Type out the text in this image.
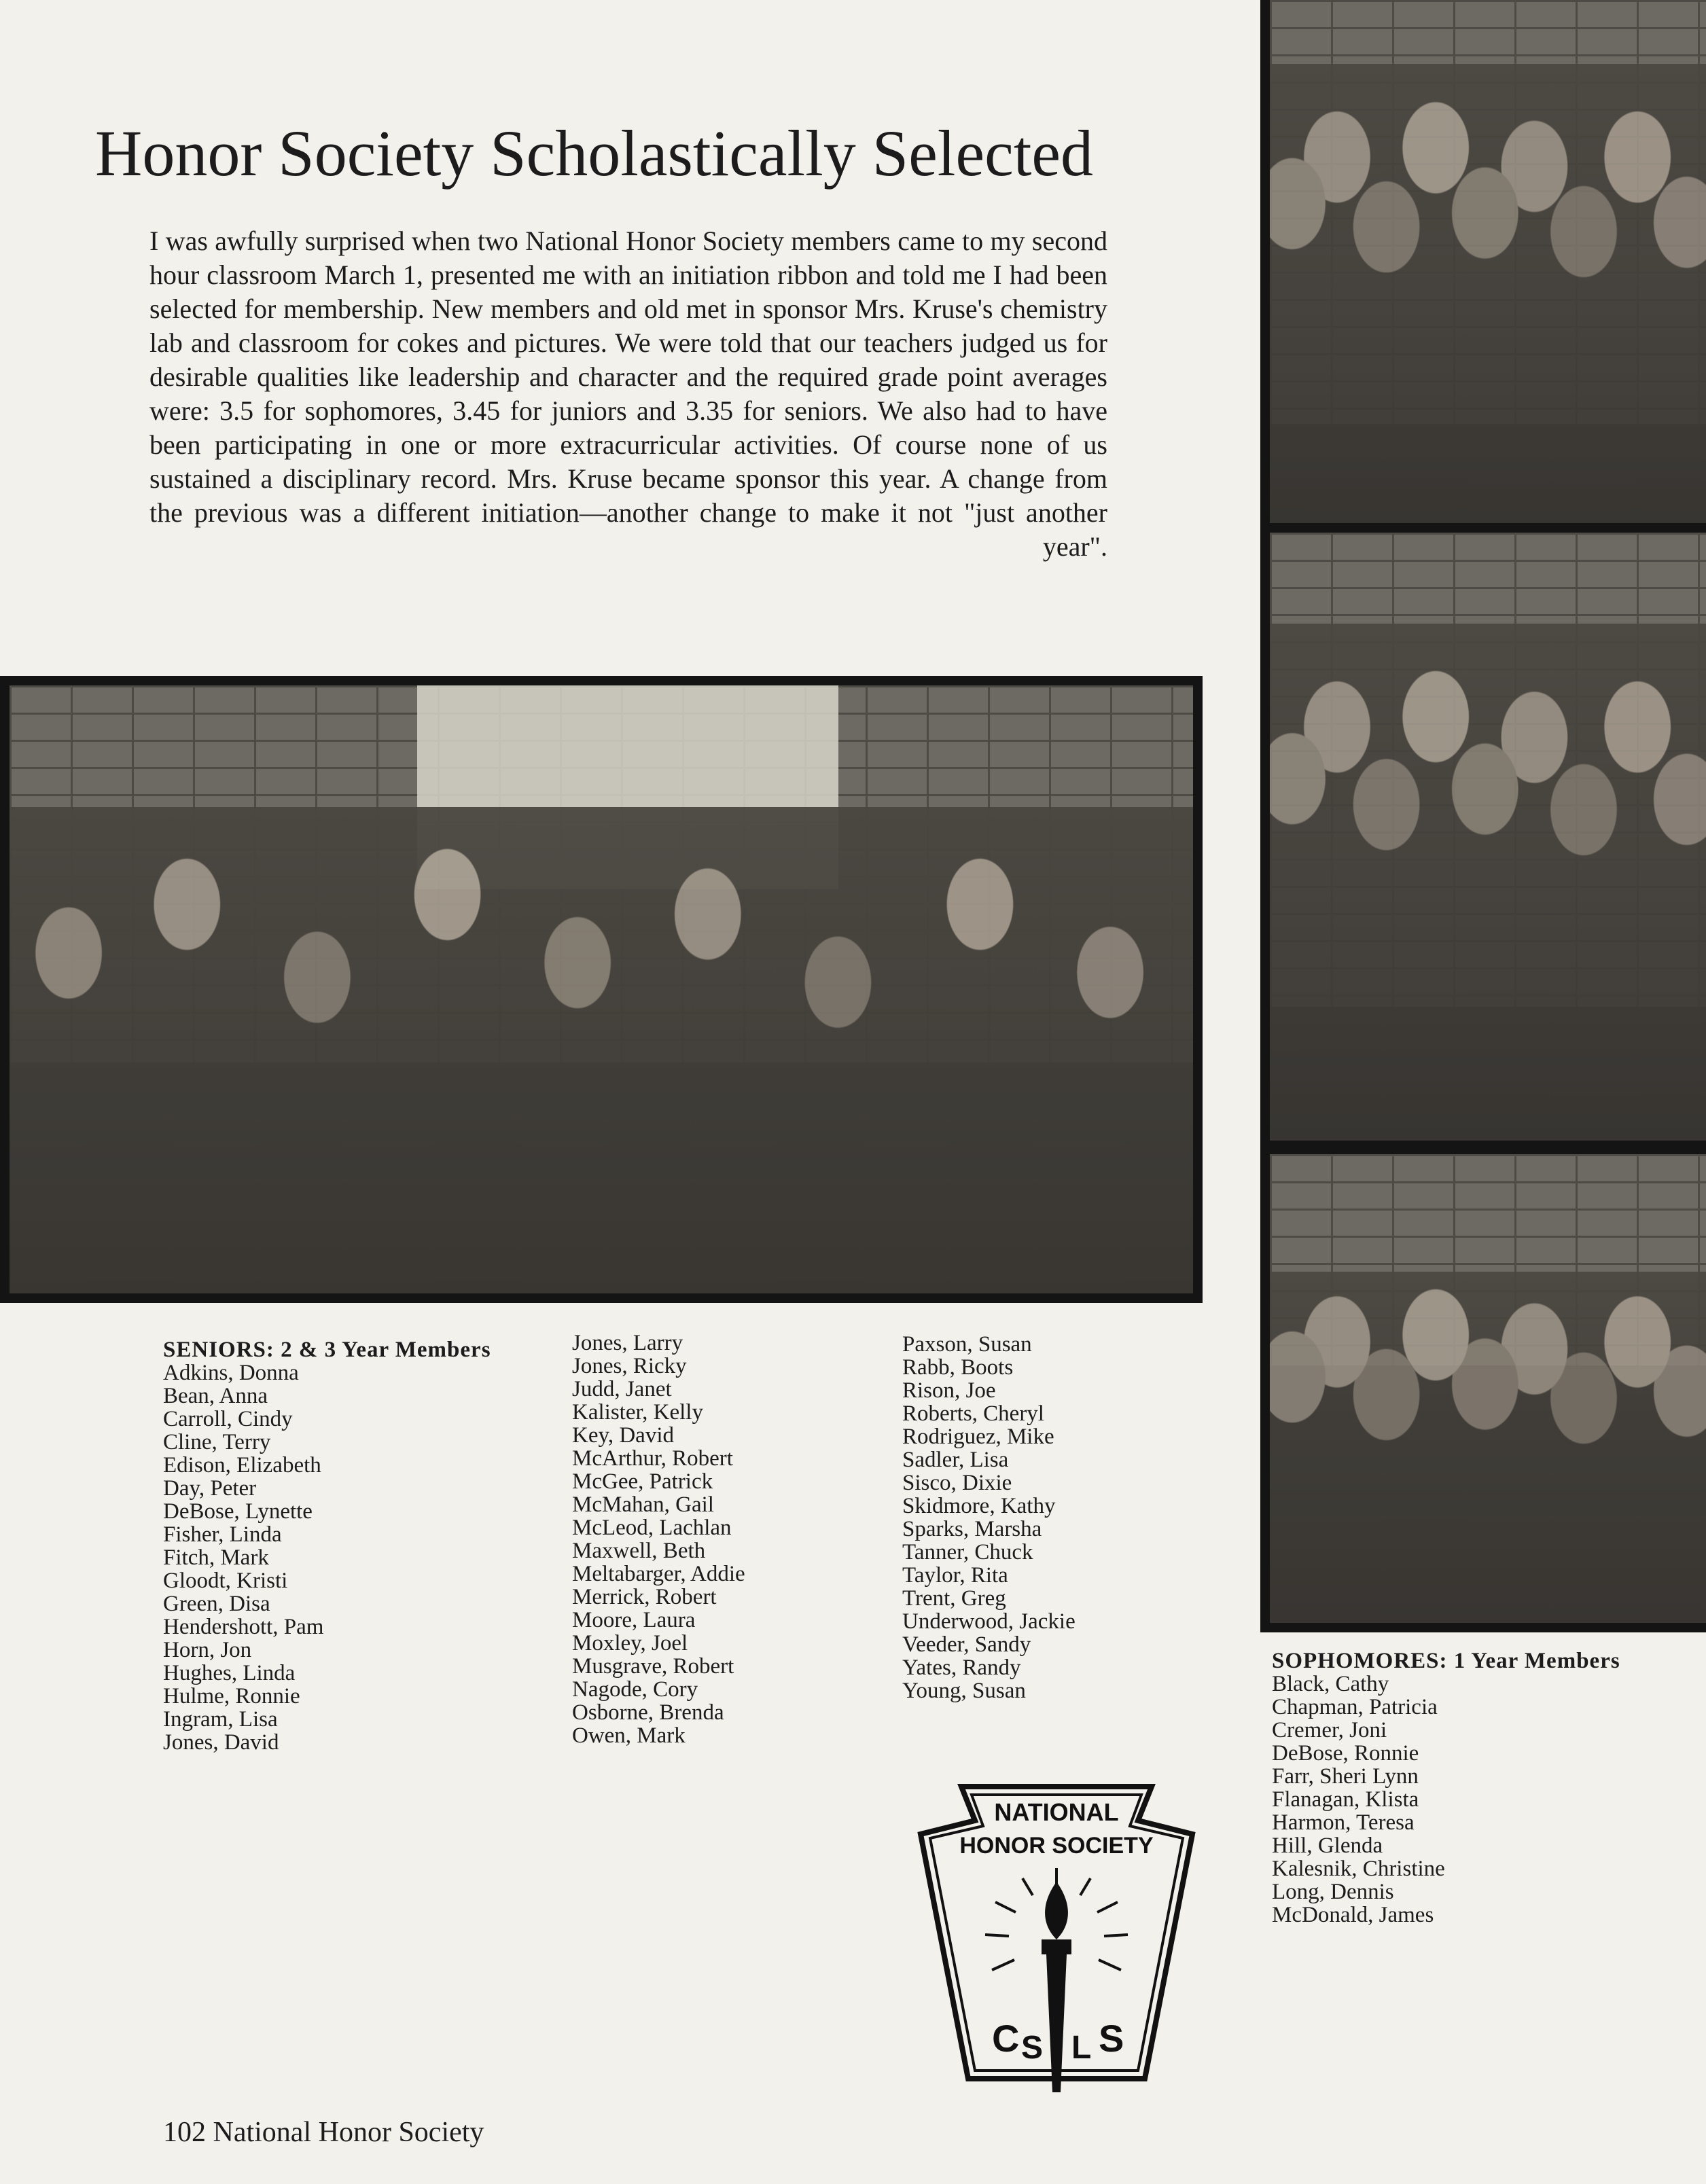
Honor Society Scholastically Selected

I was awfully surprised when two National Honor Society members came to my second hour classroom March 1, presented me with an initiation ribbon and told me I had been selected for membership. New members and old met in sponsor Mrs. Kruse's chemistry lab and classroom for cokes and pictures. We were told that our teachers judged us for desirable qualities like leadership and character and the required grade point averages were: 3.5 for sophomores, 3.45 for juniors and 3.35 for seniors. We also had to have been participating in one or more extracurricular activities. Of course none of us sustained a disciplinary record. Mrs. Kruse became sponsor this year. A change from the previous was a different initiation—another change to make it not "just another year".

SENIORS: 2 & 3 Year Members
Adkins, Donna
Bean, Anna
Carroll, Cindy
Cline, Terry
Edison, Elizabeth
Day, Peter
DeBose, Lynette
Fisher, Linda
Fitch, Mark
Gloodt, Kristi
Green, Disa
Hendershott, Pam
Horn, Jon
Hughes, Linda
Hulme, Ronnie
Ingram, Lisa
Jones, David
Jones, Larry
Jones, Ricky
Judd, Janet
Kalister, Kelly
Key, David
McArthur, Robert
McGee, Patrick
McMahan, Gail
McLeod, Lachlan
Maxwell, Beth
Meltabarger, Addie
Merrick, Robert
Moore, Laura
Moxley, Joel
Musgrave, Robert
Nagode, Cory
Osborne, Brenda
Owen, Mark
Paxson, Susan
Rabb, Boots
Rison, Joe
Roberts, Cheryl
Rodriguez, Mike
Sadler, Lisa
Sisco, Dixie
Skidmore, Kathy
Sparks, Marsha
Tanner, Chuck
Taylor, Rita
Trent, Greg
Underwood, Jackie
Veeder, Sandy
Yates, Randy
Young, Susan
SOPHOMORES: 1 Year Members
Black, Cathy
Chapman, Patricia
Cremer, Joni
DeBose, Ronnie
Farr, Sheri Lynn
Flanagan, Klista
Harmon, Teresa
Hill, Glenda
Kalesnik, Christine
Long, Dennis
McDonald, James
NATIONAL
HONOR SOCIETY
C S L S
102 National Honor Society
